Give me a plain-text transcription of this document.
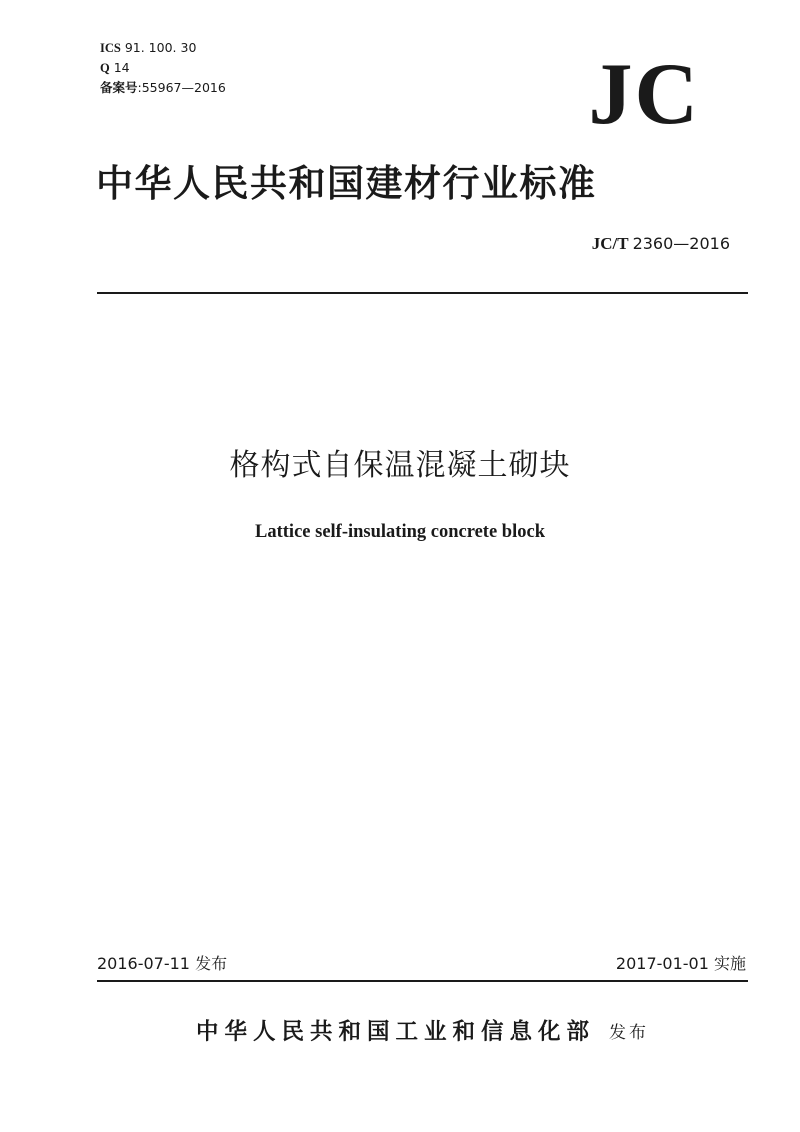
ICS 91. 100. 30
Q 14
备案号:55967—2016	JC
中华人民共和国建材行业标准
JC/T 2360—2016
格构式自保温混凝土砌块
Lattice self-insulating concrete block
2016-07-11 发布	2017-01-01 实施
中华人民共和国工业和信息化部 发布
